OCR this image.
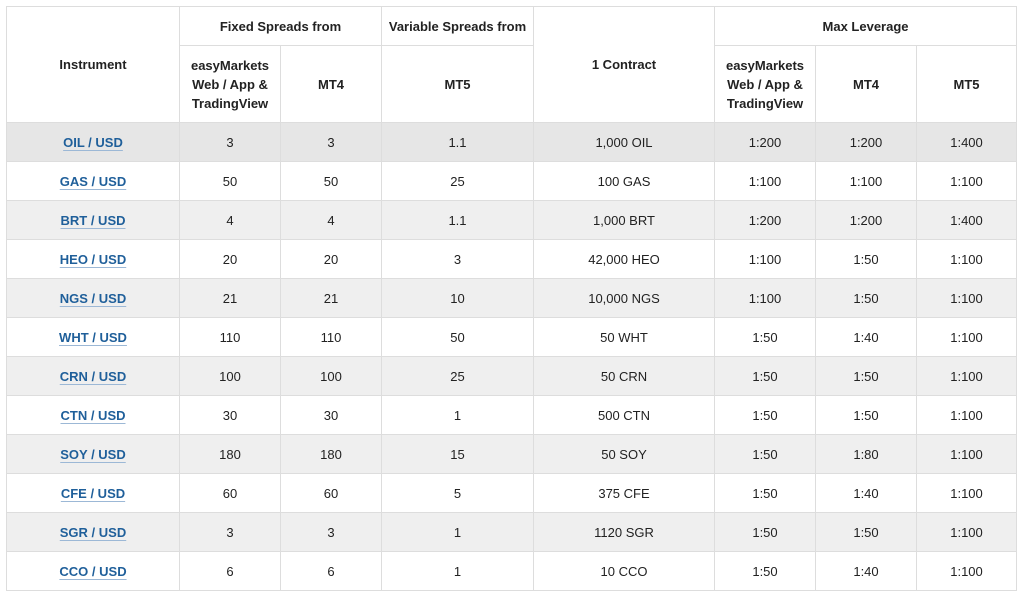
Instrument	Fixed Spreads from		Variable Spreads from	1 Contract	Max Leverage		
	easyMarkets Web / App & TradingView	MT4	MT5		easyMarkets Web / App & TradingView	MT4	MT5
OIL / USD	3	3	1.1	1,000 OIL	1:200	1:200	1:400
GAS / USD	50	50	25	100 GAS	1:100	1:100	1:100
BRT / USD	4	4	1.1	1,000 BRT	1:200	1:200	1:400
HEO / USD	20	20	3	42,000 HEO	1:100	1:50	1:100
NGS / USD	21	21	10	10,000 NGS	1:100	1:50	1:100
WHT / USD	110	110	50	50 WHT	1:50	1:40	1:100
CRN / USD	100	100	25	50 CRN	1:50	1:50	1:100
CTN / USD	30	30	1	500 CTN	1:50	1:50	1:100
SOY / USD	180	180	15	50 SOY	1:50	1:80	1:100
CFE / USD	60	60	5	375 CFE	1:50	1:40	1:100
SGR / USD	3	3	1	1120 SGR	1:50	1:50	1:100
CCO / USD	6	6	1	10 CCO	1:50	1:40	1:100
